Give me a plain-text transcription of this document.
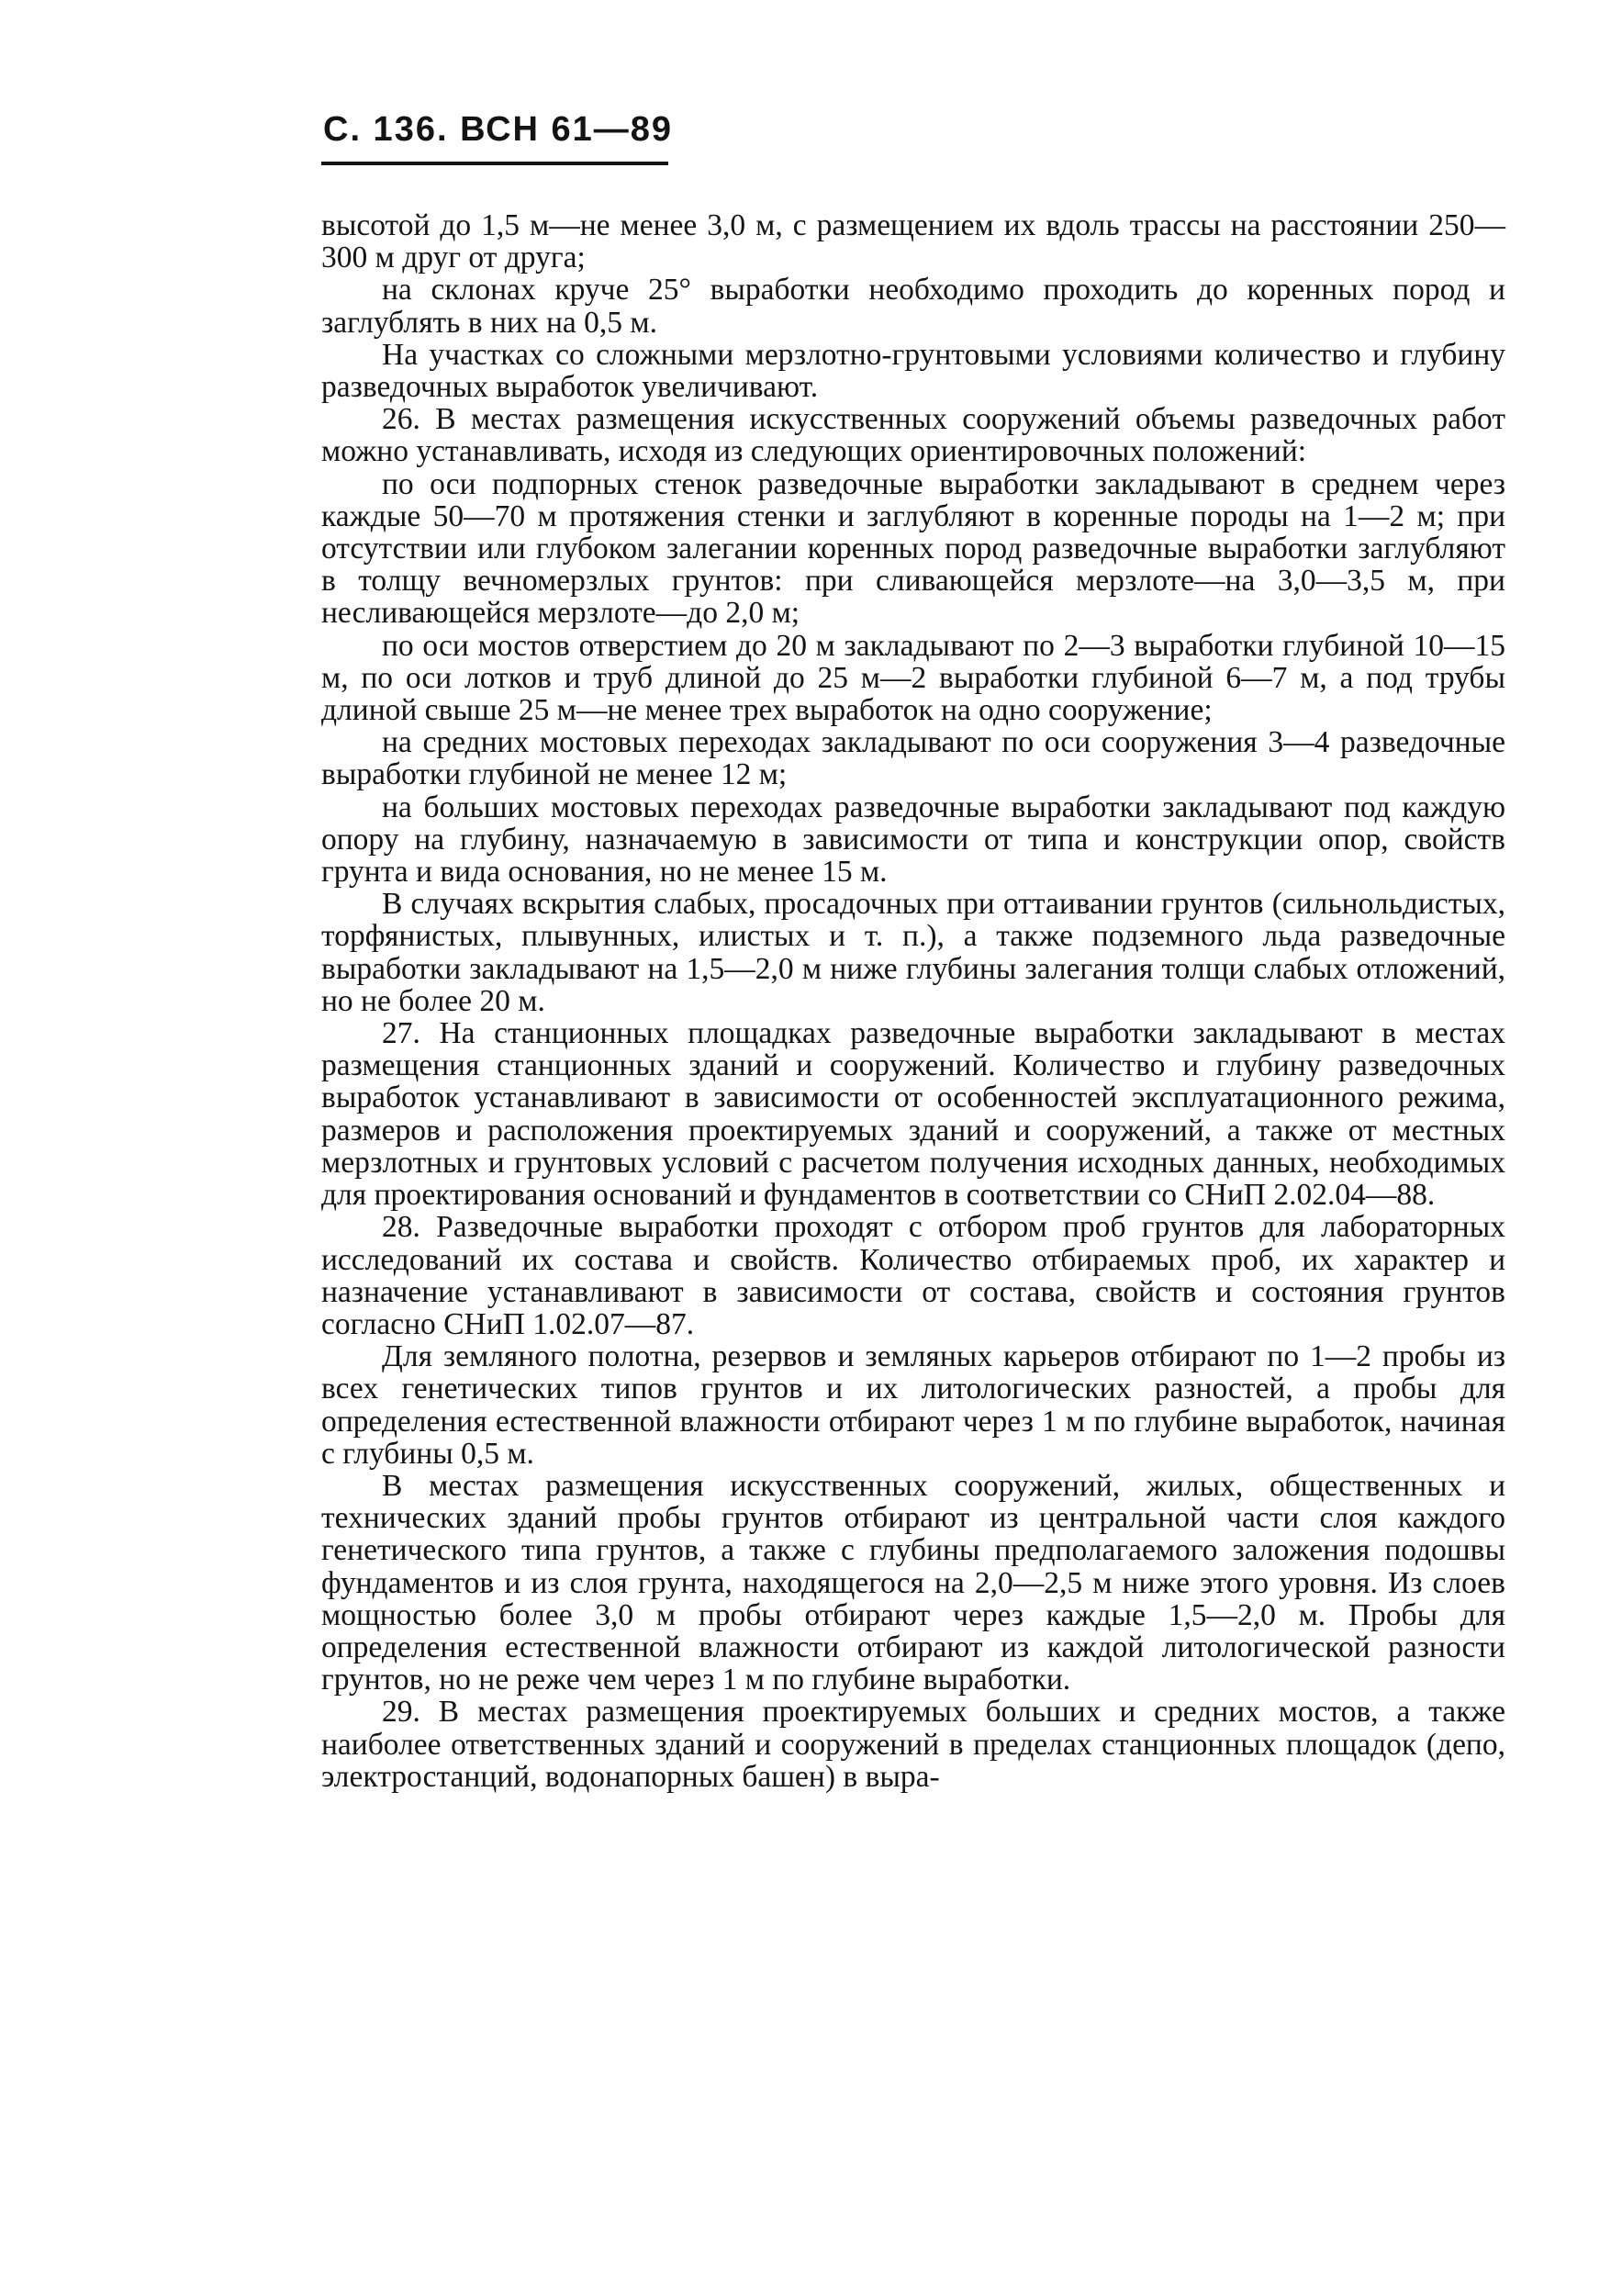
С. 136. ВСН 61—89

высотой до 1,5 м—не менее 3,0 м, с размещением их вдоль трассы на расстоянии 250—300 м друг от друга;

на склонах круче 25° выработки необходимо проходить до коренных пород и заглублять в них на 0,5 м.

На участках со сложными мерзлотно-грунтовыми условиями количество и глубину разведочных выработок увеличивают.

26. В местах размещения искусственных сооружений объемы разведочных работ можно устанавливать, исходя из следующих ориентировочных положений:

по оси подпорных стенок разведочные выработки закладывают в среднем через каждые 50—70 м протяжения стенки и заглубляют в коренные породы на 1—2 м; при отсутствии или глубоком залегании коренных пород разведочные выработки заглубляют в толщу вечномерзлых грунтов: при сливающейся мерзлоте—на 3,0—3,5 м, при несливающейся мерзлоте—до 2,0 м;

по оси мостов отверстием до 20 м закладывают по 2—3 выработки глубиной 10—15 м, по оси лотков и труб длиной до 25 м—2 выработки глубиной 6—7 м, а под трубы длиной свыше 25 м—не менее трех выработок на одно сооружение;

на средних мостовых переходах закладывают по оси сооружения 3—4 разведочные выработки глубиной не менее 12 м;

на больших мостовых переходах разведочные выработки закладывают под каждую опору на глубину, назначаемую в зависимости от типа и конструкции опор, свойств грунта и вида основания, но не менее 15 м.

В случаях вскрытия слабых, просадочных при оттаивании грунтов (сильнольдистых, торфянистых, плывунных, илистых и т. п.), а также подземного льда разведочные выработки закладывают на 1,5—2,0 м ниже глубины залегания толщи слабых отложений, но не более 20 м.

27. На станционных площадках разведочные выработки закладывают в местах размещения станционных зданий и сооружений. Количество и глубину разведочных выработок устанавливают в зависимости от особенностей эксплуатационного режима, размеров и расположения проектируемых зданий и сооружений, а также от местных мерзлотных и грунтовых условий с расчетом получения исходных данных, необходимых для проектирования оснований и фундаментов в соответствии со СНиП 2.02.04—88.

28. Разведочные выработки проходят с отбором проб грунтов для лабораторных исследований их состава и свойств. Количество отбираемых проб, их характер и назначение устанавливают в зависимости от состава, свойств и состояния грунтов согласно СНиП 1.02.07—87.

Для земляного полотна, резервов и земляных карьеров отбирают по 1—2 пробы из всех генетических типов грунтов и их литологических разностей, а пробы для определения естественной влажности отбирают через 1 м по глубине выработок, начиная с глубины 0,5 м.

В местах размещения искусственных сооружений, жилых, общественных и технических зданий пробы грунтов отбирают из центральной части слоя каждого генетического типа грунтов, а также с глубины предполагаемого заложения подошвы фундаментов и из слоя грунта, находящегося на 2,0—2,5 м ниже этого уровня. Из слоев мощностью более 3,0 м пробы отбирают через каждые 1,5—2,0 м. Пробы для определения естественной влажности отбирают из каждой литологической разности грунтов, но не реже чем через 1 м по глубине выработки.

29. В местах размещения проектируемых больших и средних мостов, а также наиболее ответственных зданий и сооружений в пределах станционных площадок (депо, электростанций, водонапорных башен) в выра-
